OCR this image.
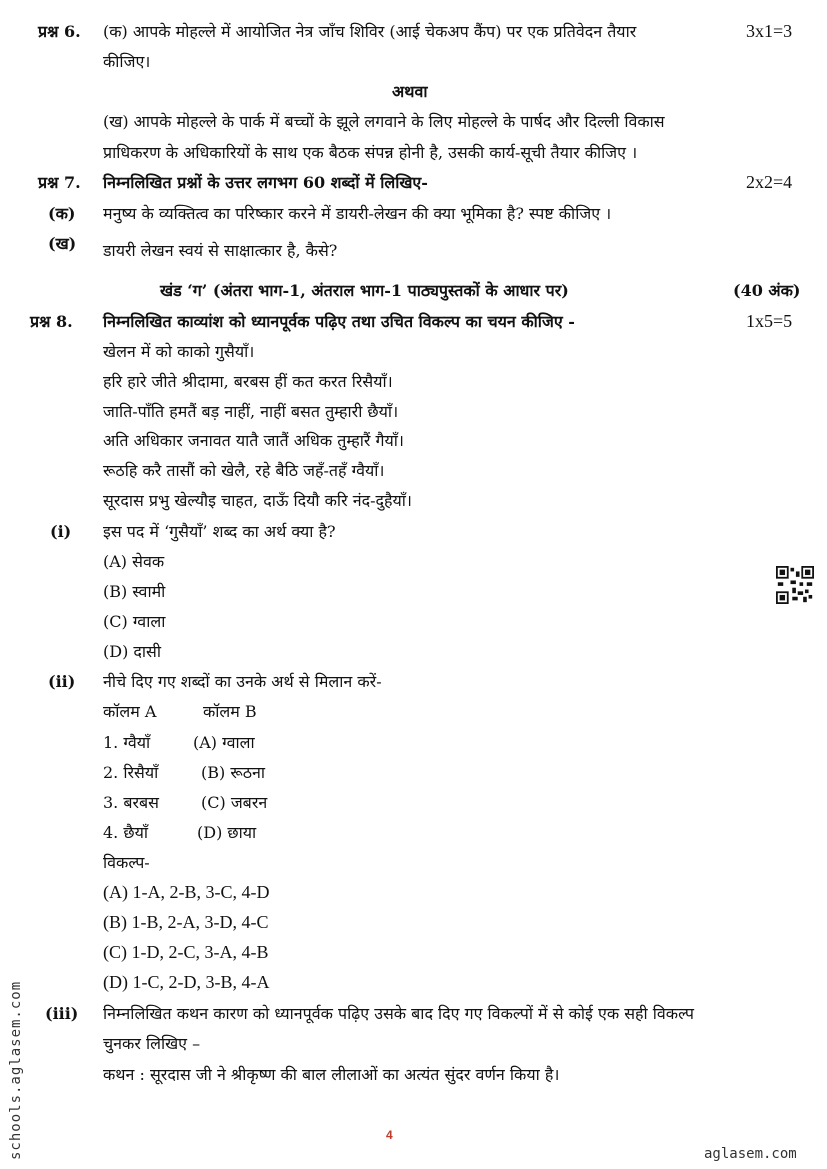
प्रश्न 6. (क) आपके मोहल्ले में आयोजित नेत्र जाँच शिविर (आई चेकअप कैंप) पर एक प्रतिवेदन तैयार	3x1=3
कीजिए।
अथवा
(ख) आपके मोहल्ले के पार्क में बच्चों के झूले लगवाने के लिए मोहल्ले के पार्षद और दिल्ली विकास
प्राधिकरण के अधिकारियों के साथ एक बैठक संपन्न होनी है, उसकी कार्य-सूची तैयार कीजिए ।
प्रश्न 7. निम्नलिखित प्रश्नों के उत्तर लगभग 60 शब्दों में लिखिए-	2x2=4
(क) मनुष्य के व्यक्तित्व का परिष्कार करने में डायरी-लेखन की क्या भूमिका है? स्पष्ट कीजिए ।
(ख) डायरी लेखन स्वयं से साक्षात्कार है, कैसे?
खंड ‘ग’ (अंतरा भाग-1, अंतराल भाग-1 पाठ्यपुस्तकों के आधार पर)	(40 अंक)
प्रश्न 8. निम्नलिखित काव्यांश को ध्यानपूर्वक पढ़िए तथा उचित विकल्प का चयन कीजिए -	1x5=5
खेलन में को काको गुसैयाँ।
हरि हारे जीते श्रीदामा, बरबस हीं कत करत रिसैयाँ।
जाति-पाँति हमतैं बड़ नाहीं, नाहीं बसत तुम्हारी छैयाँ।
अति अधिकार जनावत यातै जातैं अधिक तुम्हारैं गैयाँ।
रूठहि करै तासौं को खेलै, रहे बैठि जहँ-तहँ ग्वैयाँ।
सूरदास प्रभु खेल्यौइ चाहत, दाऊँ दियौ करि नंद-दुहैयाँ।
(i) इस पद में ‘गुसैयाँ’ शब्द का अर्थ क्या है?
(A) सेवक
(B) स्वामी
(C) ग्वाला
(D) दासी
(ii) नीचे दिए गए शब्दों का उनके अर्थ से मिलान करें-
कॉलम A	कॉलम B
1. ग्वैयाँ	(A) ग्वाला
2. रिसैयाँ	(B) रूठना
3. बरबस	(C) जबरन
4. छैयाँ	(D) छाया
विकल्प-
(A) 1-A, 2-B, 3-C, 4-D
(B) 1-B, 2-A, 3-D, 4-C
(C) 1-D, 2-C, 3-A, 4-B
(D) 1-C, 2-D, 3-B, 4-A
(iii) निम्नलिखित कथन कारण को ध्यानपूर्वक पढ़िए उसके बाद दिए गए विकल्पों में से कोई एक सही विकल्प
चुनकर लिखिए –
कथन : सूरदास जी ने श्रीकृष्ण की बाल लीलाओं का अत्यंत सुंदर वर्णन किया है।
4
aglasem.com
schools.aglasem.com
